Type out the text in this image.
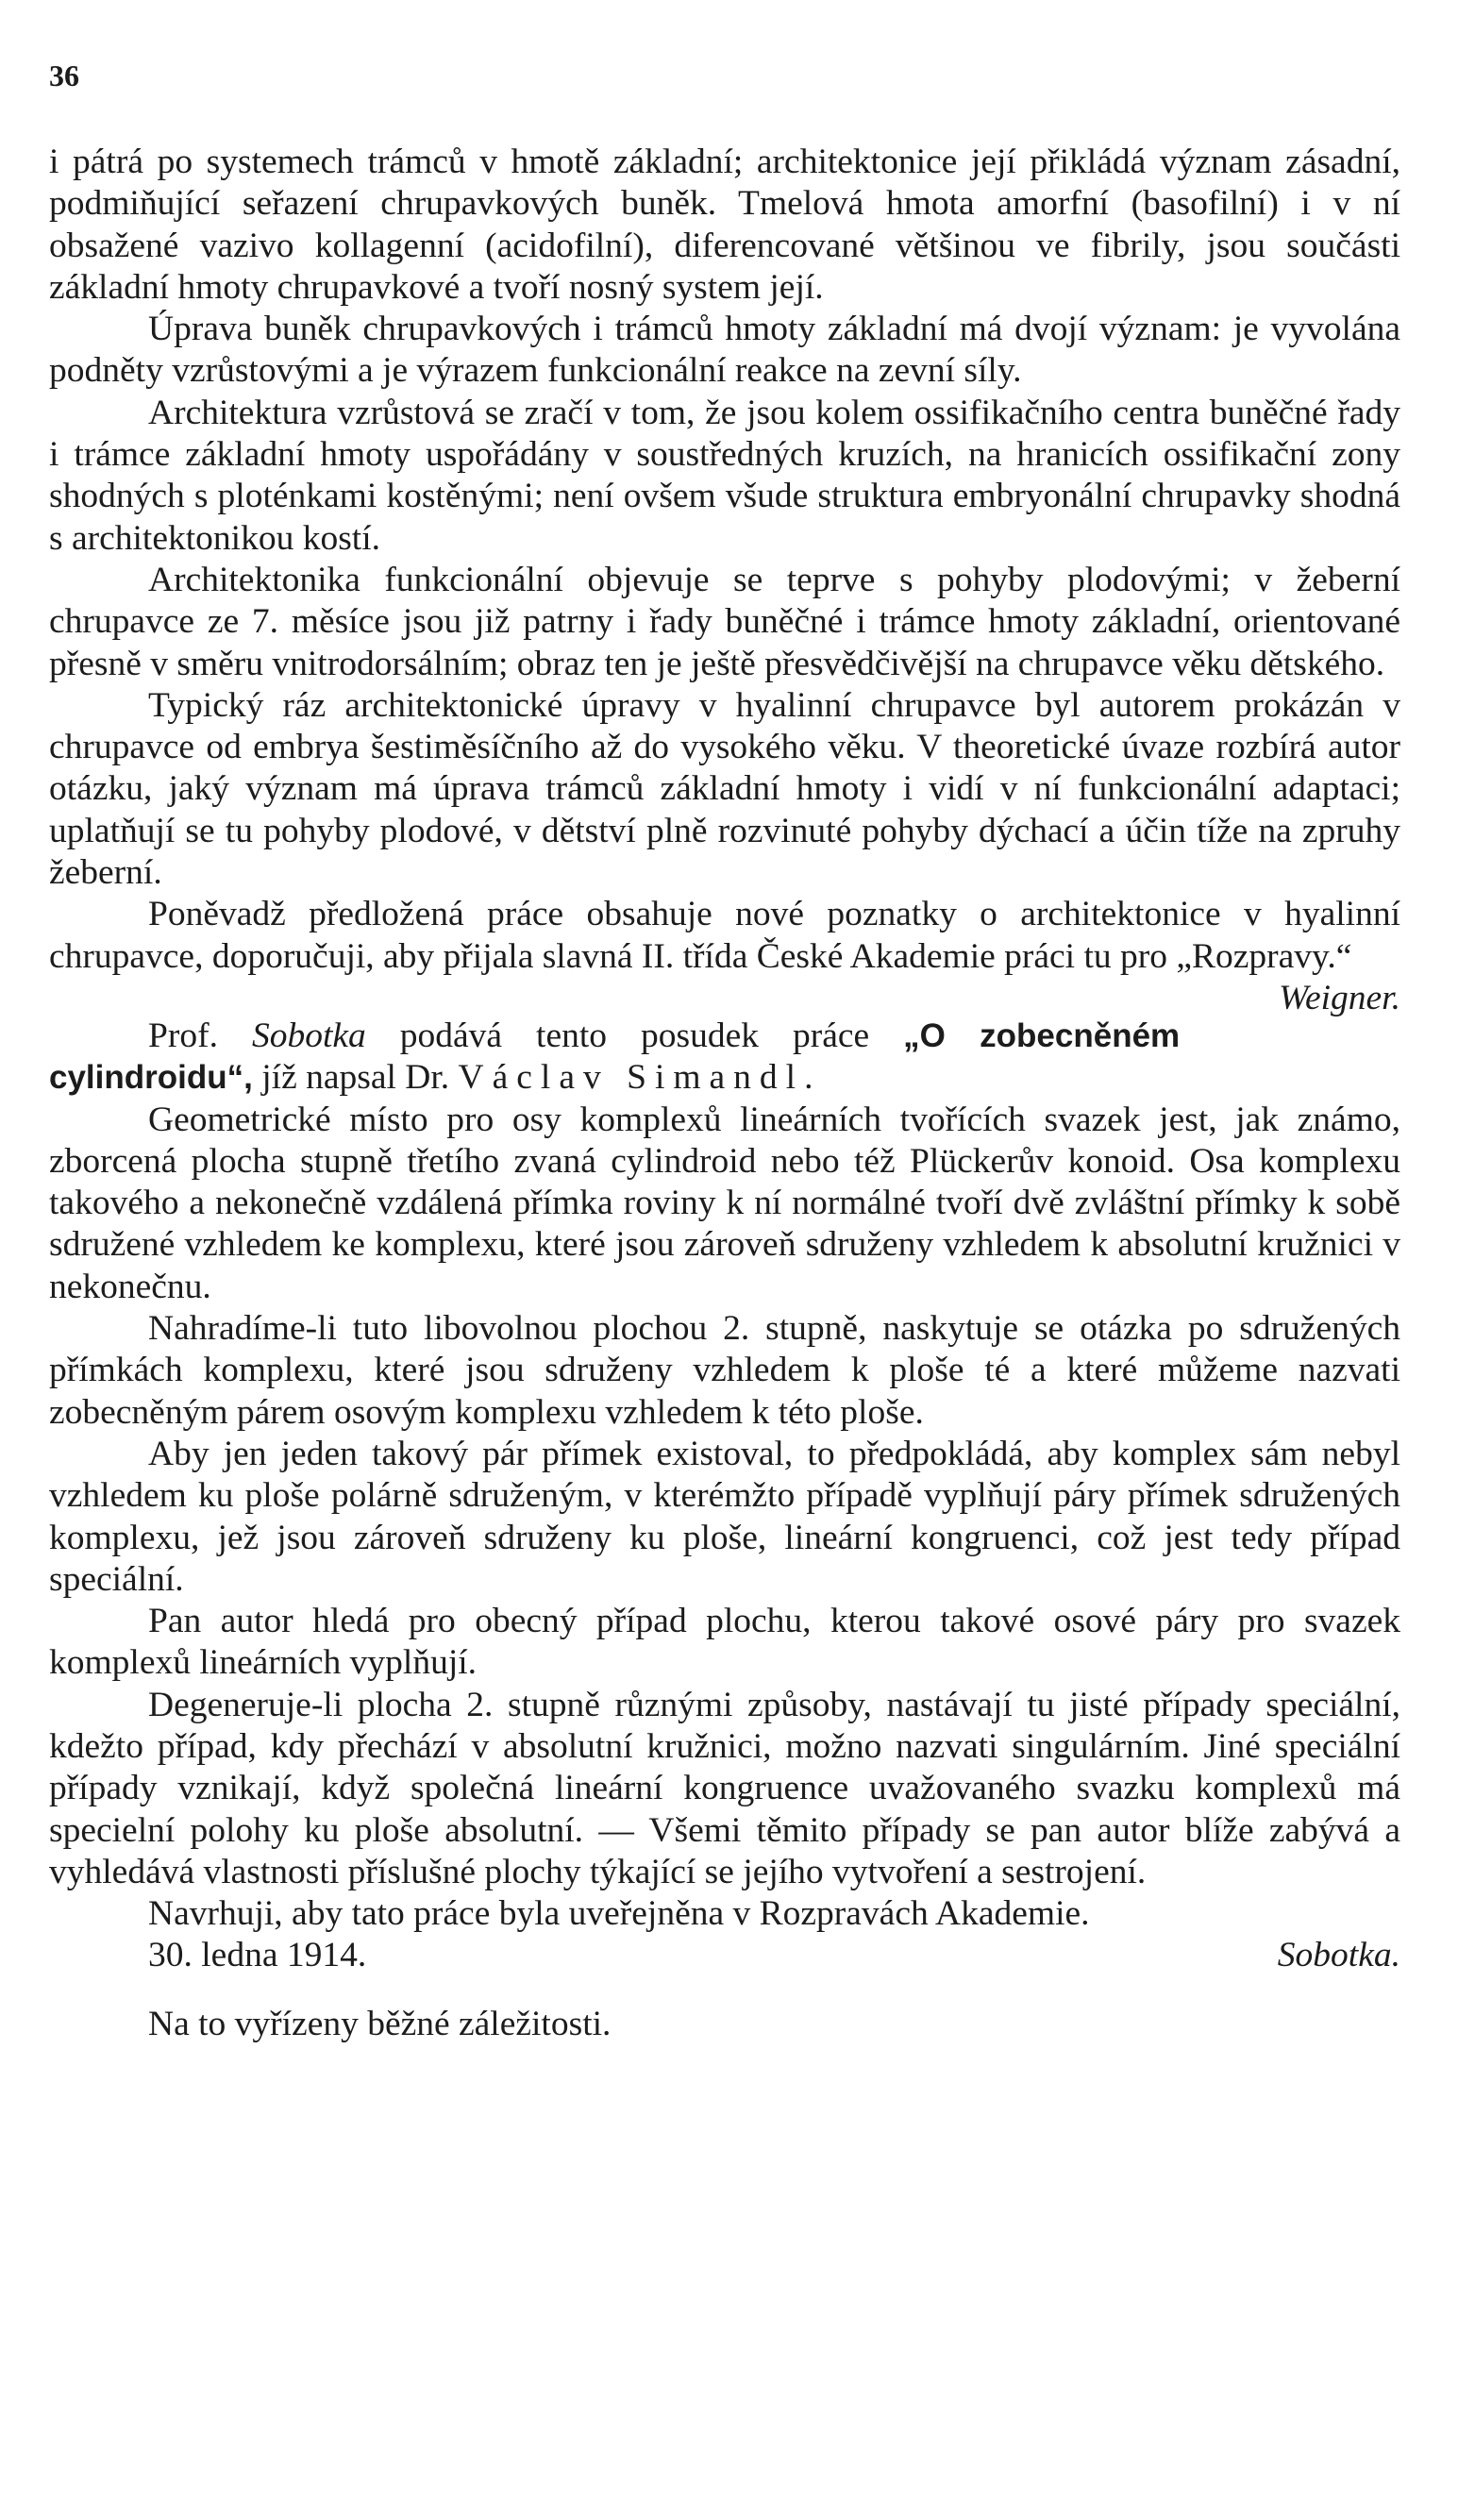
36

i pátrá po systemech trámců v hmotě základní; architektonice její přikládá význam zásadní, podmiňující seřazení chrupavkových buněk. Tmelová hmota amorfní (basofilní) i v ní obsažené vazivo kollagenní (acidofilní), diferencované většinou ve fibrily, jsou součásti základní hmoty chrupavkové a tvoří nosný system její.

Úprava buněk chrupavkových i trámců hmoty základní má dvojí význam: je vyvolána podněty vzrůstovými a je výrazem funkcionální reakce na zevní síly.

Architektura vzrůstová se zračí v tom, že jsou kolem ossifikačního centra buněčné řady i trámce základní hmoty uspořádány v soustředných kruzích, na hranicích ossifikační zony shodných s ploténkami kostěnými; není ovšem všude struktura embryonální chrupavky shodná s architektonikou kostí.

Architektonika funkcionální objevuje se teprve s pohyby plodovými; v žeberní chrupavce ze 7. měsíce jsou již patrny i řady buněčné i trámce hmoty základní, orientované přesně v směru vnitrodorsálním; obraz ten je ještě přesvědčivější na chrupavce věku dětského.

Typický ráz architektonické úpravy v hyalinní chrupavce byl autorem prokázán v chrupavce od embrya šestiměsíčního až do vysokého věku. V theoretické úvaze rozbírá autor otázku, jaký význam má úprava trámců základní hmoty i vidí v ní funkcionální adaptaci; uplatňují se tu pohyby plodové, v dětství plně rozvinuté pohyby dýchací a účin tíže na zpruhy žeberní.

Poněvadž předložená práce obsahuje nové poznatky o architektonice v hyalinní chrupavce, doporučuji, aby přijala slavná II. třída České Akademie práci tu pro „Rozpravy.“
Weigner.

Prof. Sobotka podává tento posudek práce „O zobecněném cylindroidu“, jíž napsal Dr. Václav Simandl.

Geometrické místo pro osy komplexů lineárních tvořících svazek jest, jak známo, zborcená plocha stupně třetího zvaná cylindroid nebo též Plückerův konoid. Osa komplexu takového a nekonečně vzdálená přímka roviny k ní normálné tvoří dvě zvláštní přímky k sobě sdružené vzhledem ke komplexu, které jsou zároveň sdruženy vzhledem k absolutní kružnici v nekonečnu.

Nahradíme-li tuto libovolnou plochou 2. stupně, naskytuje se otázka po sdružených přímkách komplexu, které jsou sdruženy vzhledem k ploše té a které můžeme nazvati zobecněným párem osovým komplexu vzhledem k této ploše.

Aby jen jeden takový pár přímek existoval, to předpokládá, aby komplex sám nebyl vzhledem ku ploše polárně sdruženým, v kterémžto případě vyplňují páry přímek sdružených komplexu, jež jsou zároveň sdruženy ku ploše, lineární kongruenci, což jest tedy případ speciální.

Pan autor hledá pro obecný případ plochu, kterou takové osové páry pro svazek komplexů lineárních vyplňují.

Degeneruje-li plocha 2. stupně různými způsoby, nastávají tu jisté případy speciální, kdežto případ, kdy přechází v absolutní kružnici, možno nazvati singulárním. Jiné speciální případy vznikají, když společná lineární kongruence uvažovaného svazku komplexů má specielní polohy ku ploše absolutní. — Všemi těmito případy se pan autor blíže zabývá a vyhledává vlastnosti příslušné plochy týkající se jejího vytvoření a sestrojení.

Navrhuji, aby tato práce byla uveřejněna v Rozpravách Akademie.

30. ledna 1914.	Sobotka.

Na to vyřízeny běžné záležitosti.
